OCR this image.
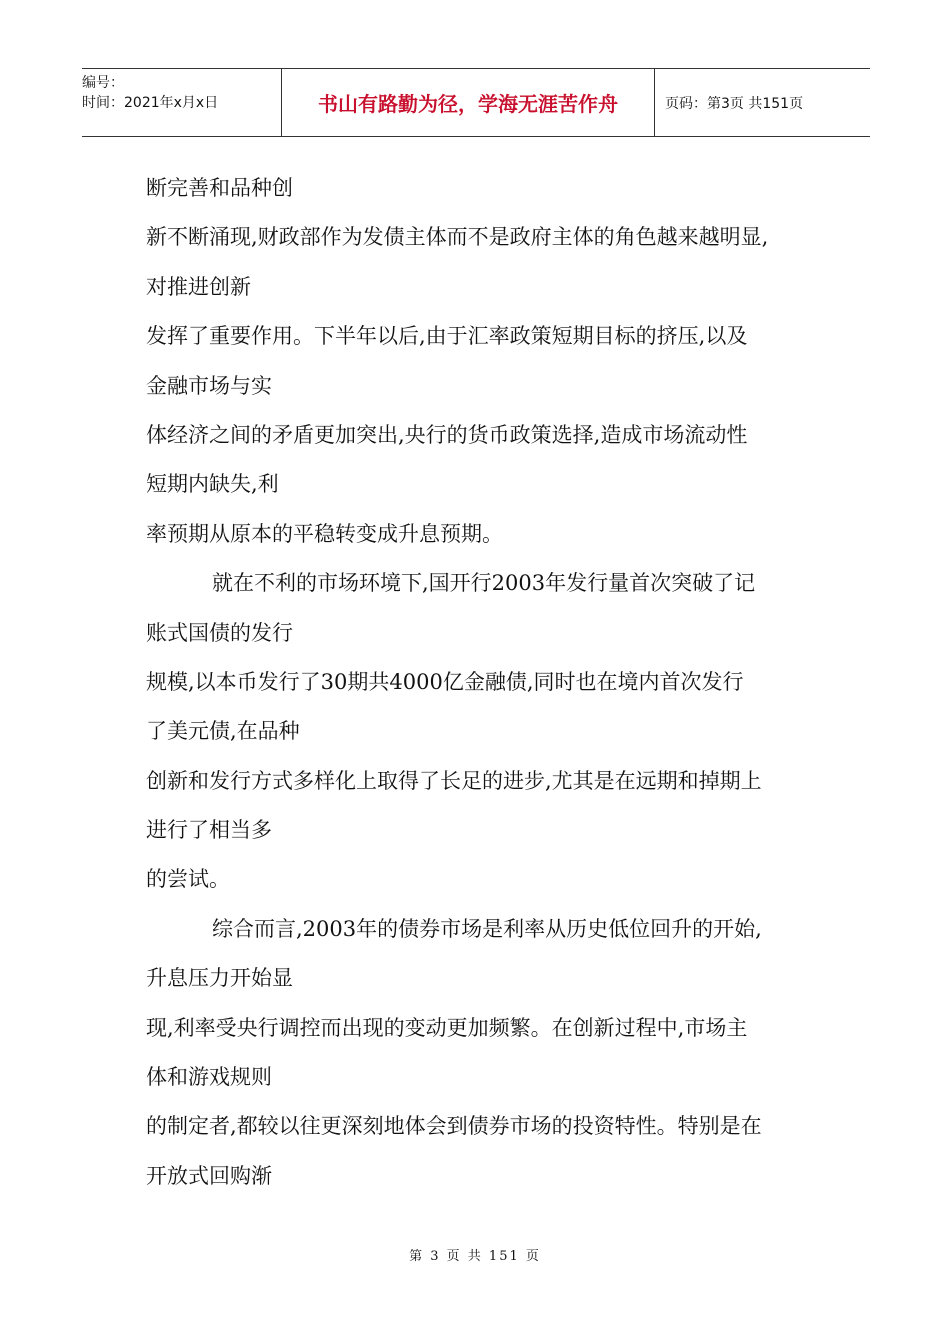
编号：
时间：2021年x月x日	书山有路勤为径，学海无涯苦作舟	页码：第3页 共151页
断完善和品种创
新不断涌现,财政部作为发债主体而不是政府主体的角色越来越明显,
对推进创新
发挥了重要作用。下半年以后,由于汇率政策短期目标的挤压,以及
金融市场与实
体经济之间的矛盾更加突出,央行的货币政策选择,造成市场流动性
短期内缺失,利
率预期从原本的平稳转变成升息预期。
就在不利的市场环境下,国开行2003年发行量首次突破了记
账式国债的发行
规模,以本币发行了30期共4000亿金融债,同时也在境内首次发行
了美元债,在品种
创新和发行方式多样化上取得了长足的进步,尤其是在远期和掉期上
进行了相当多
的尝试。
综合而言,2003年的债券市场是利率从历史低位回升的开始,
升息压力开始显
现,利率受央行调控而出现的变动更加频繁。在创新过程中,市场主
体和游戏规则
的制定者,都较以往更深刻地体会到债券市场的投资特性。特别是在
开放式回购渐
第 3 页 共 151 页
